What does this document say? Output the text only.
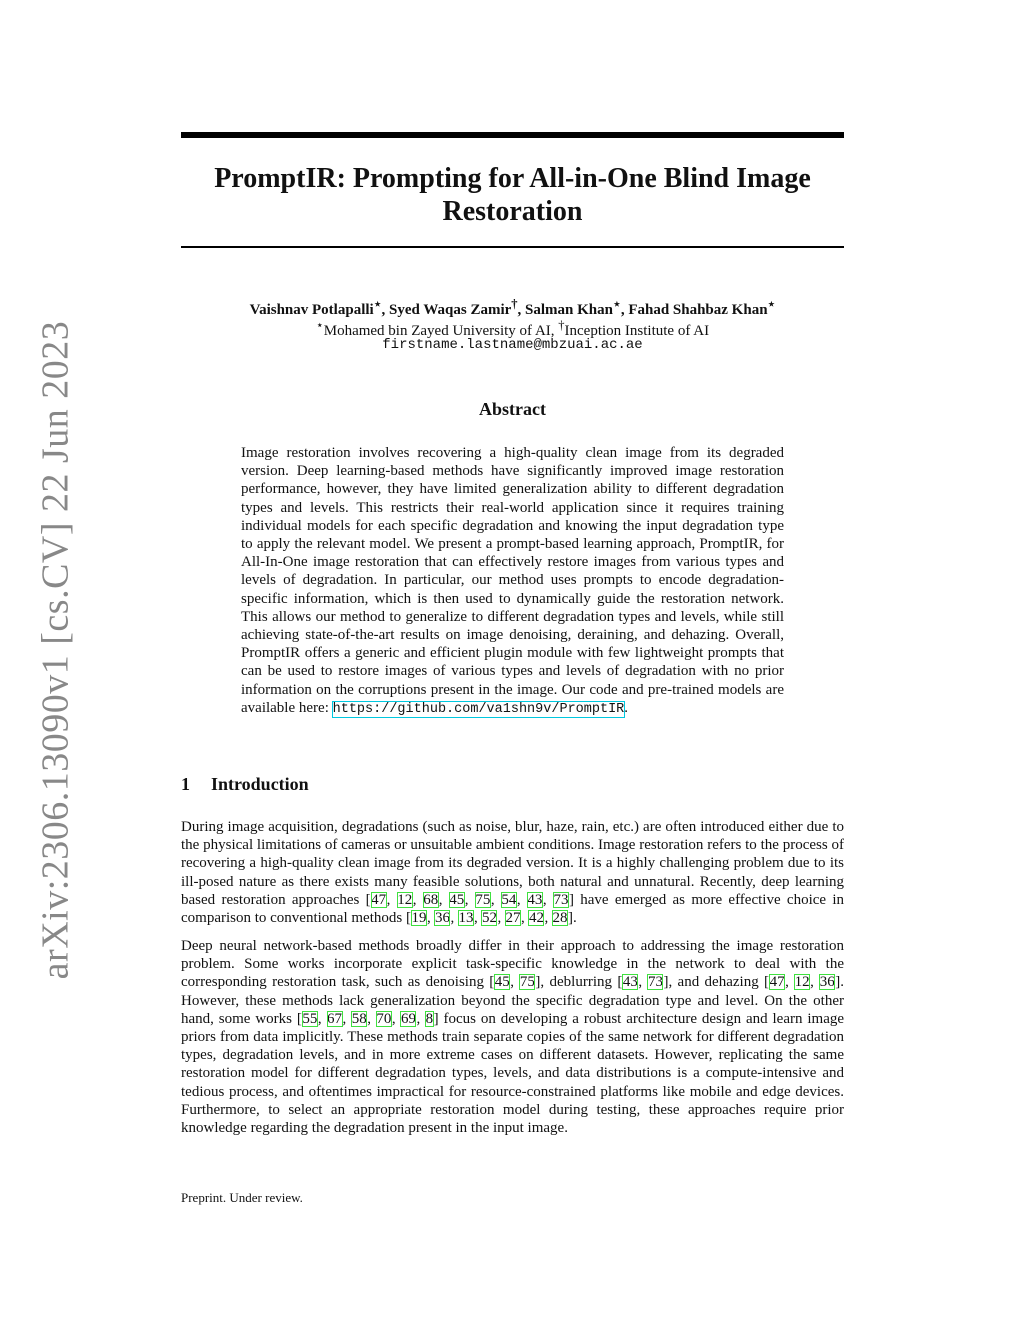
arXiv:2306.13090v1 [cs.CV] 22 Jun 2023
PromptIR: Prompting for All-in-One Blind Image Restoration
Vaishnav Potlapalli⋆, Syed Waqas Zamir†, Salman Khan⋆, Fahad Shahbaz Khan⋆
⋆Mohamed bin Zayed University of AI, †Inception Institute of AI
firstname.lastname@mbzuai.ac.ae
Abstract
Image restoration involves recovering a high-quality clean image from its degraded version. Deep learning-based methods have significantly improved image restoration performance, however, they have limited generalization ability to different degradation types and levels. This restricts their real-world application since it requires training individual models for each specific degradation and knowing the input degradation type to apply the relevant model. We present a prompt-based learning approach, PromptIR, for All-In-One image restoration that can effectively restore images from various types and levels of degradation. In particular, our method uses prompts to encode degradation-specific information, which is then used to dynamically guide the restoration network. This allows our method to generalize to different degradation types and levels, while still achieving state-of-the-art results on image denoising, deraining, and dehazing. Overall, PromptIR offers a generic and efficient plugin module with few lightweight prompts that can be used to restore images of various types and levels of degradation with no prior information on the corruptions present in the image. Our code and pre-trained models are available here: https://github.com/va1shn9v/PromptIR.
1 Introduction
During image acquisition, degradations (such as noise, blur, haze, rain, etc.) are often introduced either due to the physical limitations of cameras or unsuitable ambient conditions. Image restoration refers to the process of recovering a high-quality clean image from its degraded version. It is a highly challenging problem due to its ill-posed nature as there exists many feasible solutions, both natural and unnatural. Recently, deep learning based restoration approaches [47, 12, 68, 45, 75, 54, 43, 73] have emerged as more effective choice in comparison to conventional methods [19, 36, 13, 52, 27, 42, 28].
Deep neural network-based methods broadly differ in their approach to addressing the image restoration problem. Some works incorporate explicit task-specific knowledge in the network to deal with the corresponding restoration task, such as denoising [45, 75], deblurring [43, 73], and dehazing [47, 12, 36]. However, these methods lack generalization beyond the specific degradation type and level. On the other hand, some works [55, 67, 58, 70, 69, 8] focus on developing a robust architecture design and learn image priors from data implicitly. These methods train separate copies of the same network for different degradation types, degradation levels, and in more extreme cases on different datasets. However, replicating the same restoration model for different degradation types, levels, and data distributions is a compute-intensive and tedious process, and oftentimes impractical for resource-constrained platforms like mobile and edge devices. Furthermore, to select an appropriate restoration model during testing, these approaches require prior knowledge regarding the degradation present in the input image.
Preprint. Under review.
